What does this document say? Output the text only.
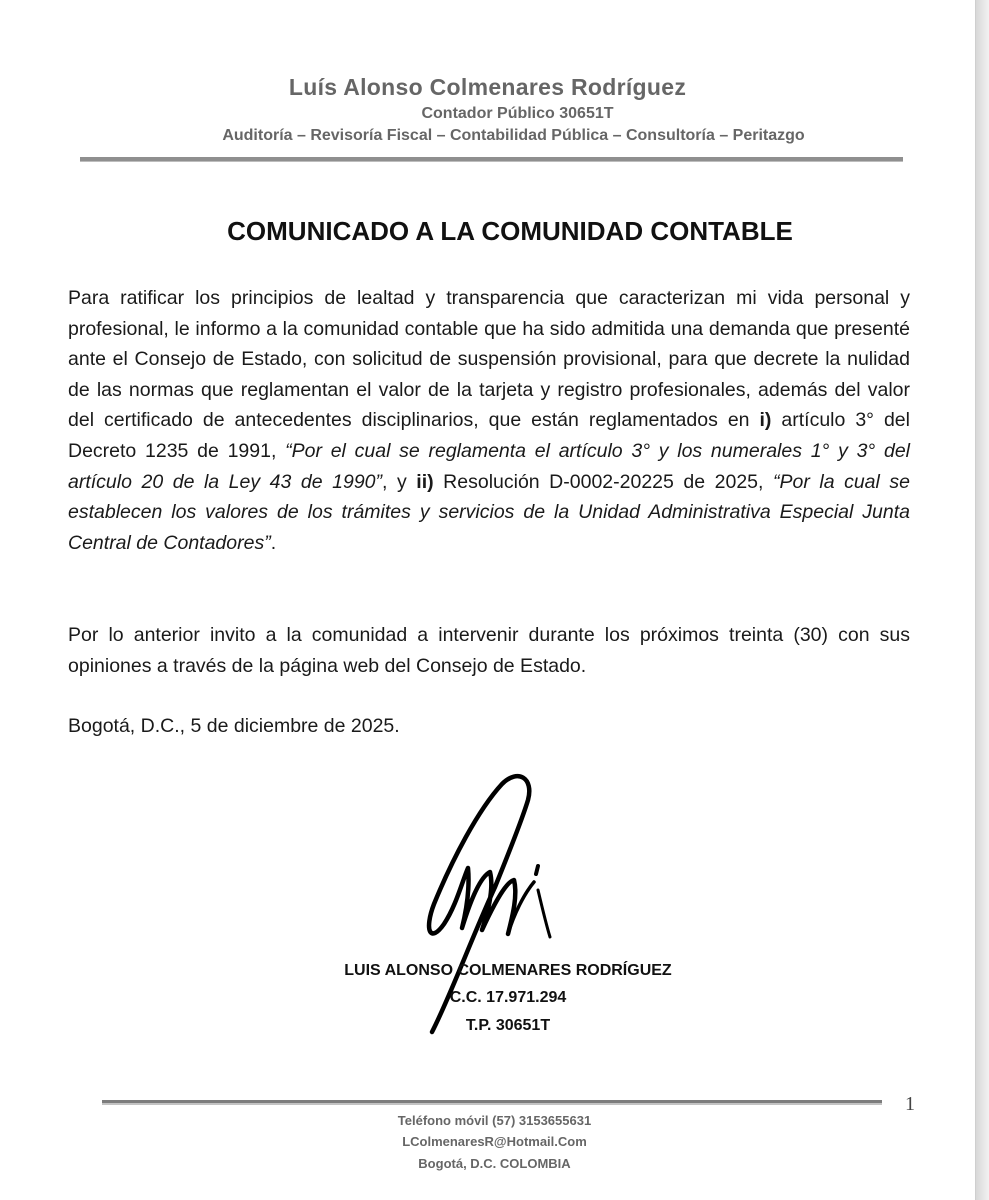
Luís Alonso Colmenares Rodríguez
Contador Público 30651T
Auditoría – Revisoría Fiscal – Contabilidad Pública – Consultoría – Peritazgo
COMUNICADO A LA COMUNIDAD CONTABLE
Para ratificar los principios de lealtad y transparencia que caracterizan mi vida personal y profesional, le informo a la comunidad contable que ha sido admitida una demanda que presenté ante el Consejo de Estado, con solicitud de suspensión provisional, para que decrete la nulidad de las normas que reglamentan el valor de la tarjeta y registro profesionales, además del valor del certificado de antecedentes disciplinarios, que están reglamentados en i) artículo 3° del Decreto 1235 de 1991, “Por el cual se reglamenta el artículo 3° y los numerales 1° y 3° del artículo 20 de la Ley 43 de 1990”, y ii) Resolución D-0002-20225 de 2025, “Por la cual se establecen los valores de los trámites y servicios de la Unidad Administrativa Especial Junta Central de Contadores”.
Por lo anterior invito a la comunidad a intervenir durante los próximos treinta (30) con sus opiniones a través de la página web del Consejo de Estado.
Bogotá, D.C., 5 de diciembre de 2025.
LUIS ALONSO COLMENARES RODRÍGUEZ
C.C. 17.971.294
T.P. 30651T
1
Teléfono móvil (57) 3153655631
LColmenaresR@Hotmail.Com
Bogotá, D.C. COLOMBIA
